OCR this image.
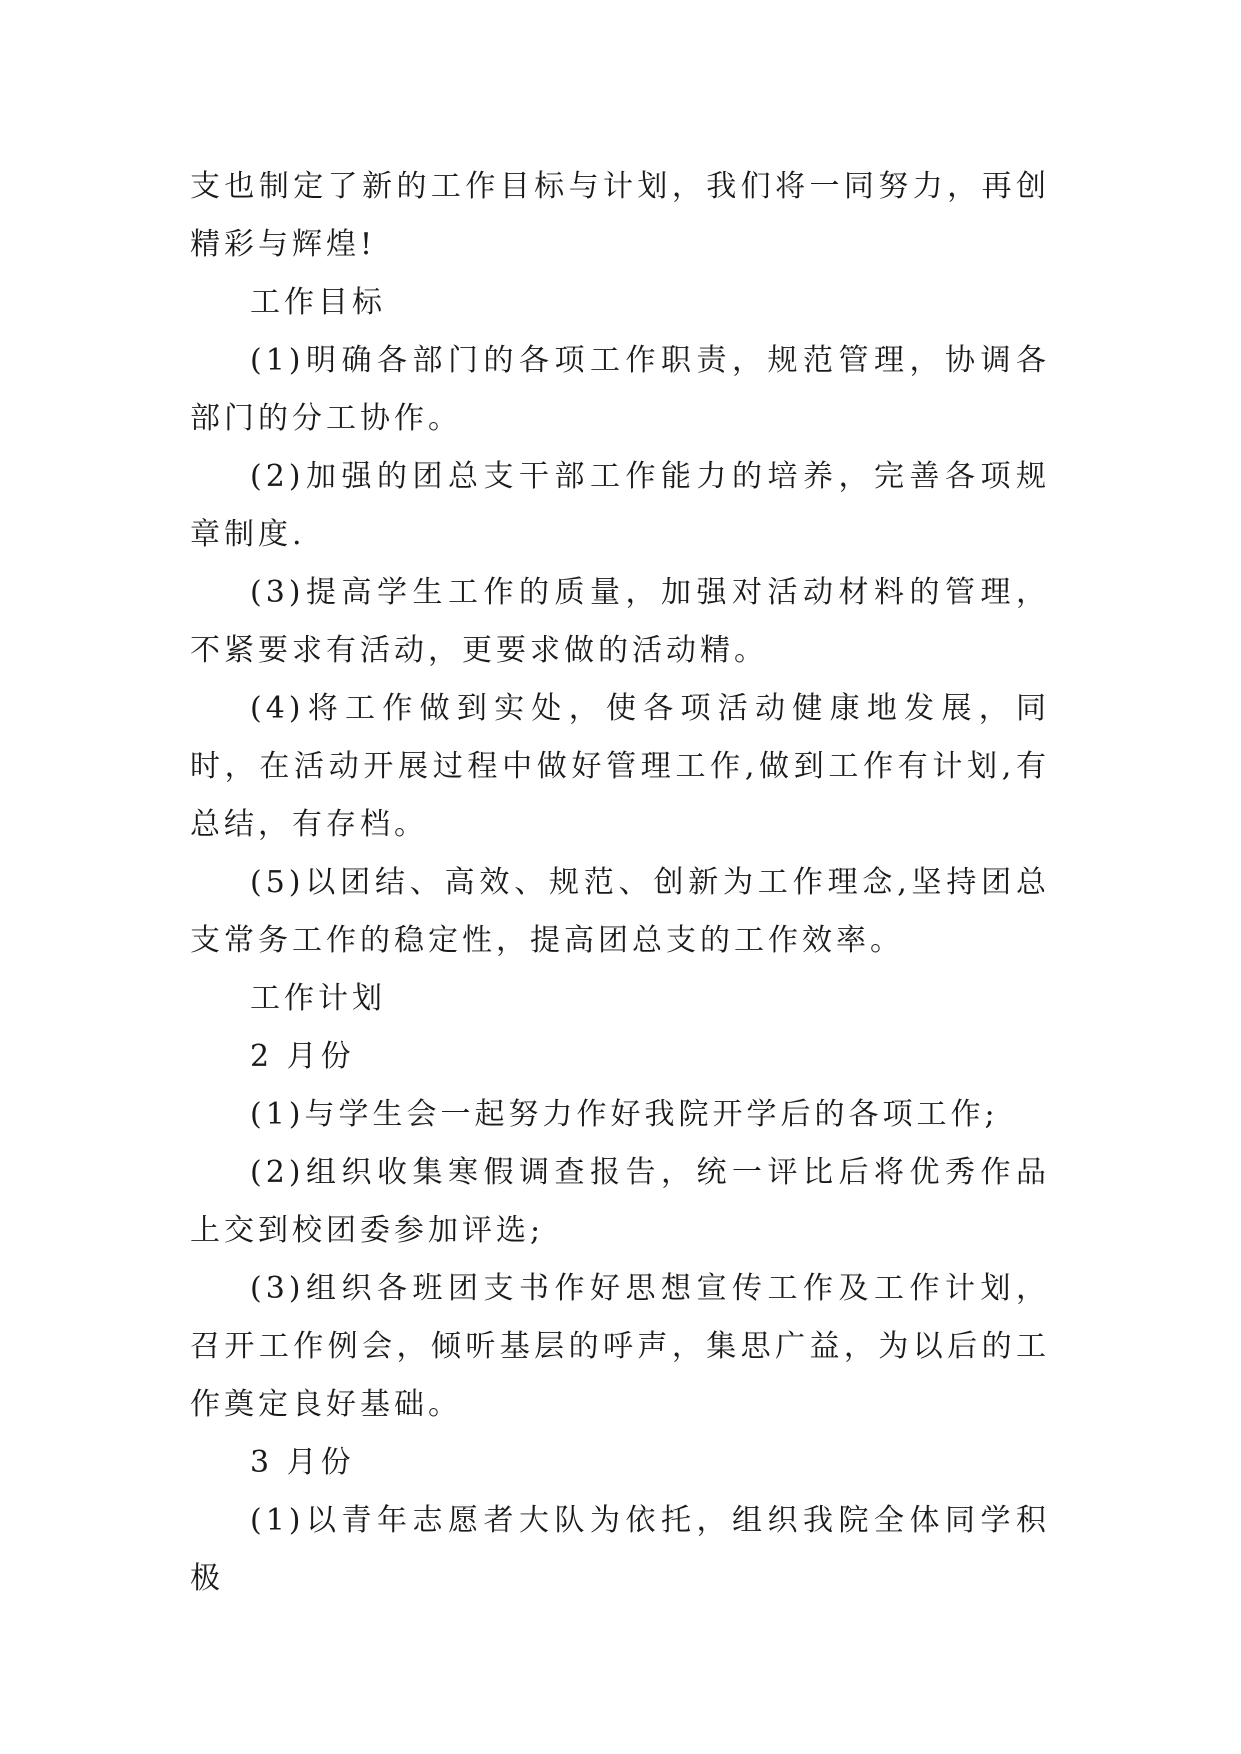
支也制定了新的工作目标与计划，我们将一同努力，再创精彩与辉煌!

工作目标

(1)明确各部门的各项工作职责，规范管理，协调各部门的分工协作。

(2)加强的团总支干部工作能力的培养，完善各项规章制度.

(3)提高学生工作的质量，加强对活动材料的管理，不紧要求有活动，更要求做的活动精。

(4)将工作做到实处，使各项活动健康地发展，同时，在活动开展过程中做好管理工作,做到工作有计划,有总结，有存档。

(5)以团结、高效、规范、创新为工作理念,坚持团总支常务工作的稳定性，提高团总支的工作效率。

工作计划

2 月份

(1)与学生会一起努力作好我院开学后的各项工作;

(2)组织收集寒假调查报告，统一评比后将优秀作品上交到校团委参加评选;

(3)组织各班团支书作好思想宣传工作及工作计划，召开工作例会，倾听基层的呼声，集思广益，为以后的工作奠定良好基础。

3 月份

(1)以青年志愿者大队为依托，组织我院全体同学积极
